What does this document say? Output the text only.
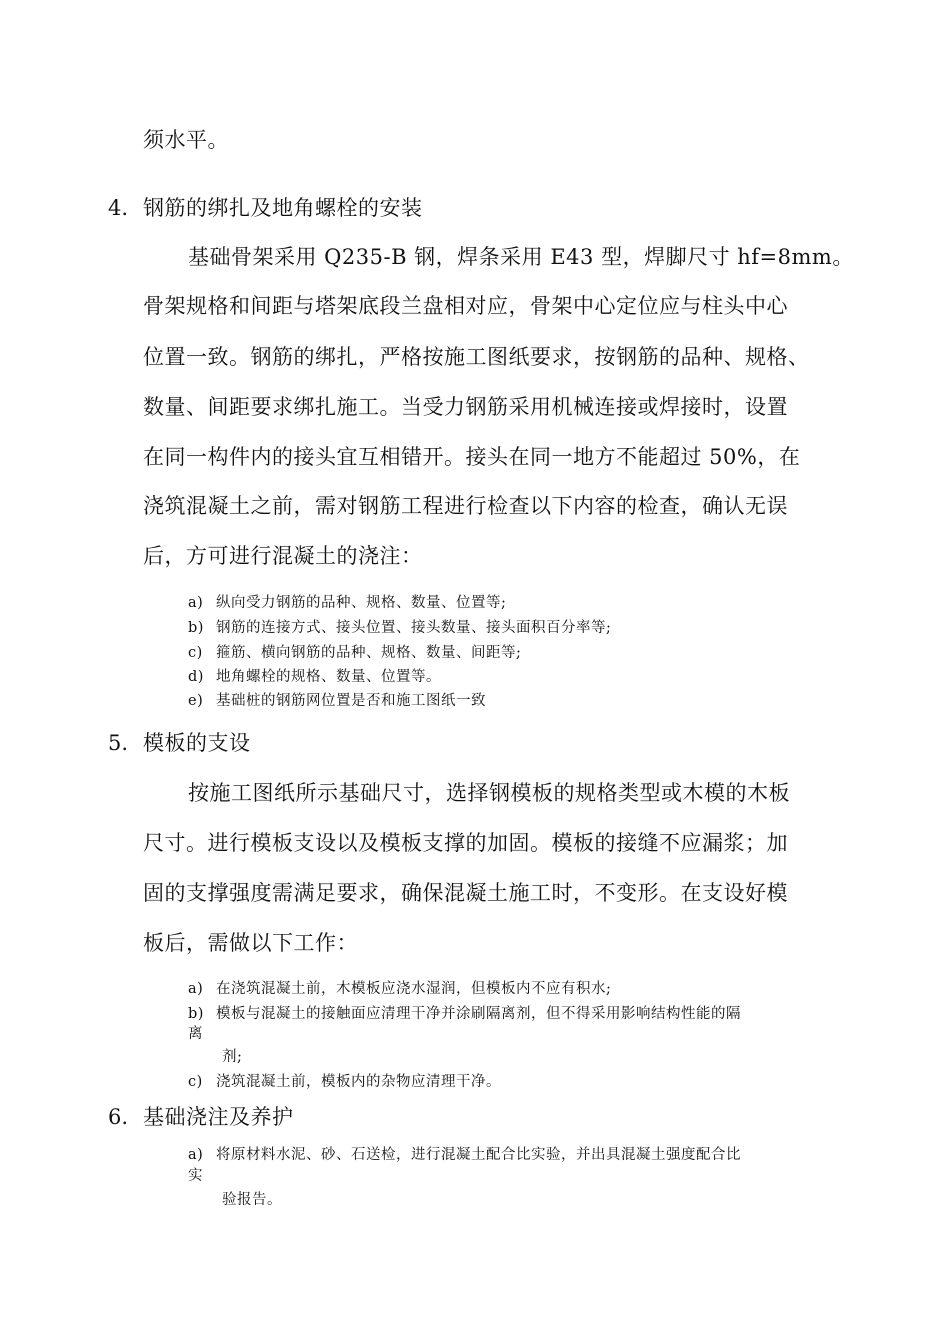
须水平。
4. 钢筋的绑扎及地角螺栓的安装
基础骨架采用 Q235-B 钢，焊条采用 E43 型，焊脚尺寸 hf=8mm。
骨架规格和间距与塔架底段兰盘相对应，骨架中心定位应与柱头中心
位置一致。钢筋的绑扎，严格按施工图纸要求，按钢筋的品种、规格、
数量、间距要求绑扎施工。当受力钢筋采用机械连接或焊接时，设置
在同一构件内的接头宜互相错开。接头在同一地方不能超过 50%，在
浇筑混凝土之前，需对钢筋工程进行检查以下内容的检查，确认无误
后，方可进行混凝土的浇注：
a) 纵向受力钢筋的品种、规格、数量、位置等;
b) 钢筋的连接方式、接头位置、接头数量、接头面积百分率等;
c) 箍筋、横向钢筋的品种、规格、数量、间距等;
d) 地角螺栓的规格、数量、位置等。
e) 基础桩的钢筋网位置是否和施工图纸一致
5. 模板的支设
按施工图纸所示基础尺寸，选择钢模板的规格类型或木模的木板
尺寸。进行模板支设以及模板支撑的加固。模板的接缝不应漏浆；加
固的支撑强度需满足要求，确保混凝土施工时，不变形。在支设好模
板后，需做以下工作：
a) 在浇筑混凝土前，木模板应浇水湿润，但模板内不应有积水;
b) 模板与混凝土的接触面应清理干净并涂刷隔离剂，但不得采用影响结构性能的隔
离
剂;
c) 浇筑混凝土前，模板内的杂物应清理干净。
6. 基础浇注及养护
a) 将原材料水泥、砂、石送检，进行混凝土配合比实验，并出具混凝土强度配合比
实
验报告。
